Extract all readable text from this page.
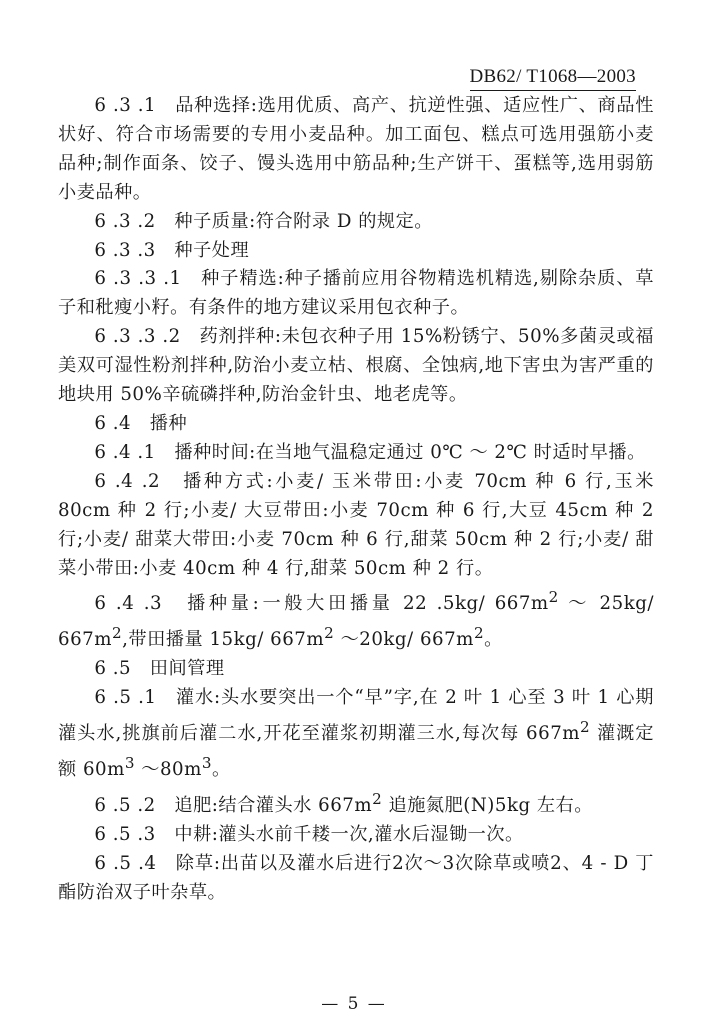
DB62/ T1068—2003

6 .3 .1　品种选择:选用优质、高产、抗逆性强、适应性广、商品性状好、符合市场需要的专用小麦品种。加工面包、糕点可选用强筋小麦品种;制作面条、饺子、馒头选用中筋品种;生产饼干、蛋糕等,选用弱筋小麦品种。

6 .3 .2　种子质量:符合附录 D 的规定。

6 .3 .3　种子处理

6 .3 .3 .1　种子精选:种子播前应用谷物精选机精选,剔除杂质、草子和秕瘦小籽。有条件的地方建议采用包衣种子。

6 .3 .3 .2　药剂拌种:未包衣种子用 15%粉锈宁、50%多菌灵或福美双可湿性粉剂拌种,防治小麦立枯、根腐、全蚀病,地下害虫为害严重的地块用 50%辛硫磷拌种,防治金针虫、地老虎等。

6 .4　播种

6 .4 .1　播种时间:在当地气温稳定通过 0℃ ～ 2℃ 时适时早播。

6 .4 .2　播种方式:小麦/ 玉米带田:小麦 70cm 种 6 行,玉米 80cm 种 2 行;小麦/ 大豆带田:小麦 70cm 种 6 行,大豆 45cm 种 2 行;小麦/ 甜菜大带田:小麦 70cm 种 6 行,甜菜 50cm 种 2 行;小麦/ 甜菜小带田:小麦 40cm 种 4 行,甜菜 50cm 种 2 行。

6 .4 .3　播种量:一般大田播量 22 .5kg/ $667m^2$ ～ 25kg/ $667m^2$,带田播量 15kg/ $667m^2$ ～20kg/ $667m^2$。

6 .5　田间管理

6 .5 .1　灌水:头水要突出一个“早”字,在 2 叶 1 心至 3 叶 1 心期灌头水,挑旗前后灌二水,开花至灌浆初期灌三水,每次每 $667m^2$ 灌溉定额 $60m^3$ $\sim 80m^3$。

6 .5 .2　追肥:结合灌头水 $667m^2$ 追施氮肥(N)5kg 左右。

6 .5 .3　中耕:灌头水前千耧一次,灌水后湿锄一次。

6 .5 .4　除草:出苗以及灌水后进行2次～3次除草或喷2、4 - D 丁酯防治双子叶杂草。

— 5 —
